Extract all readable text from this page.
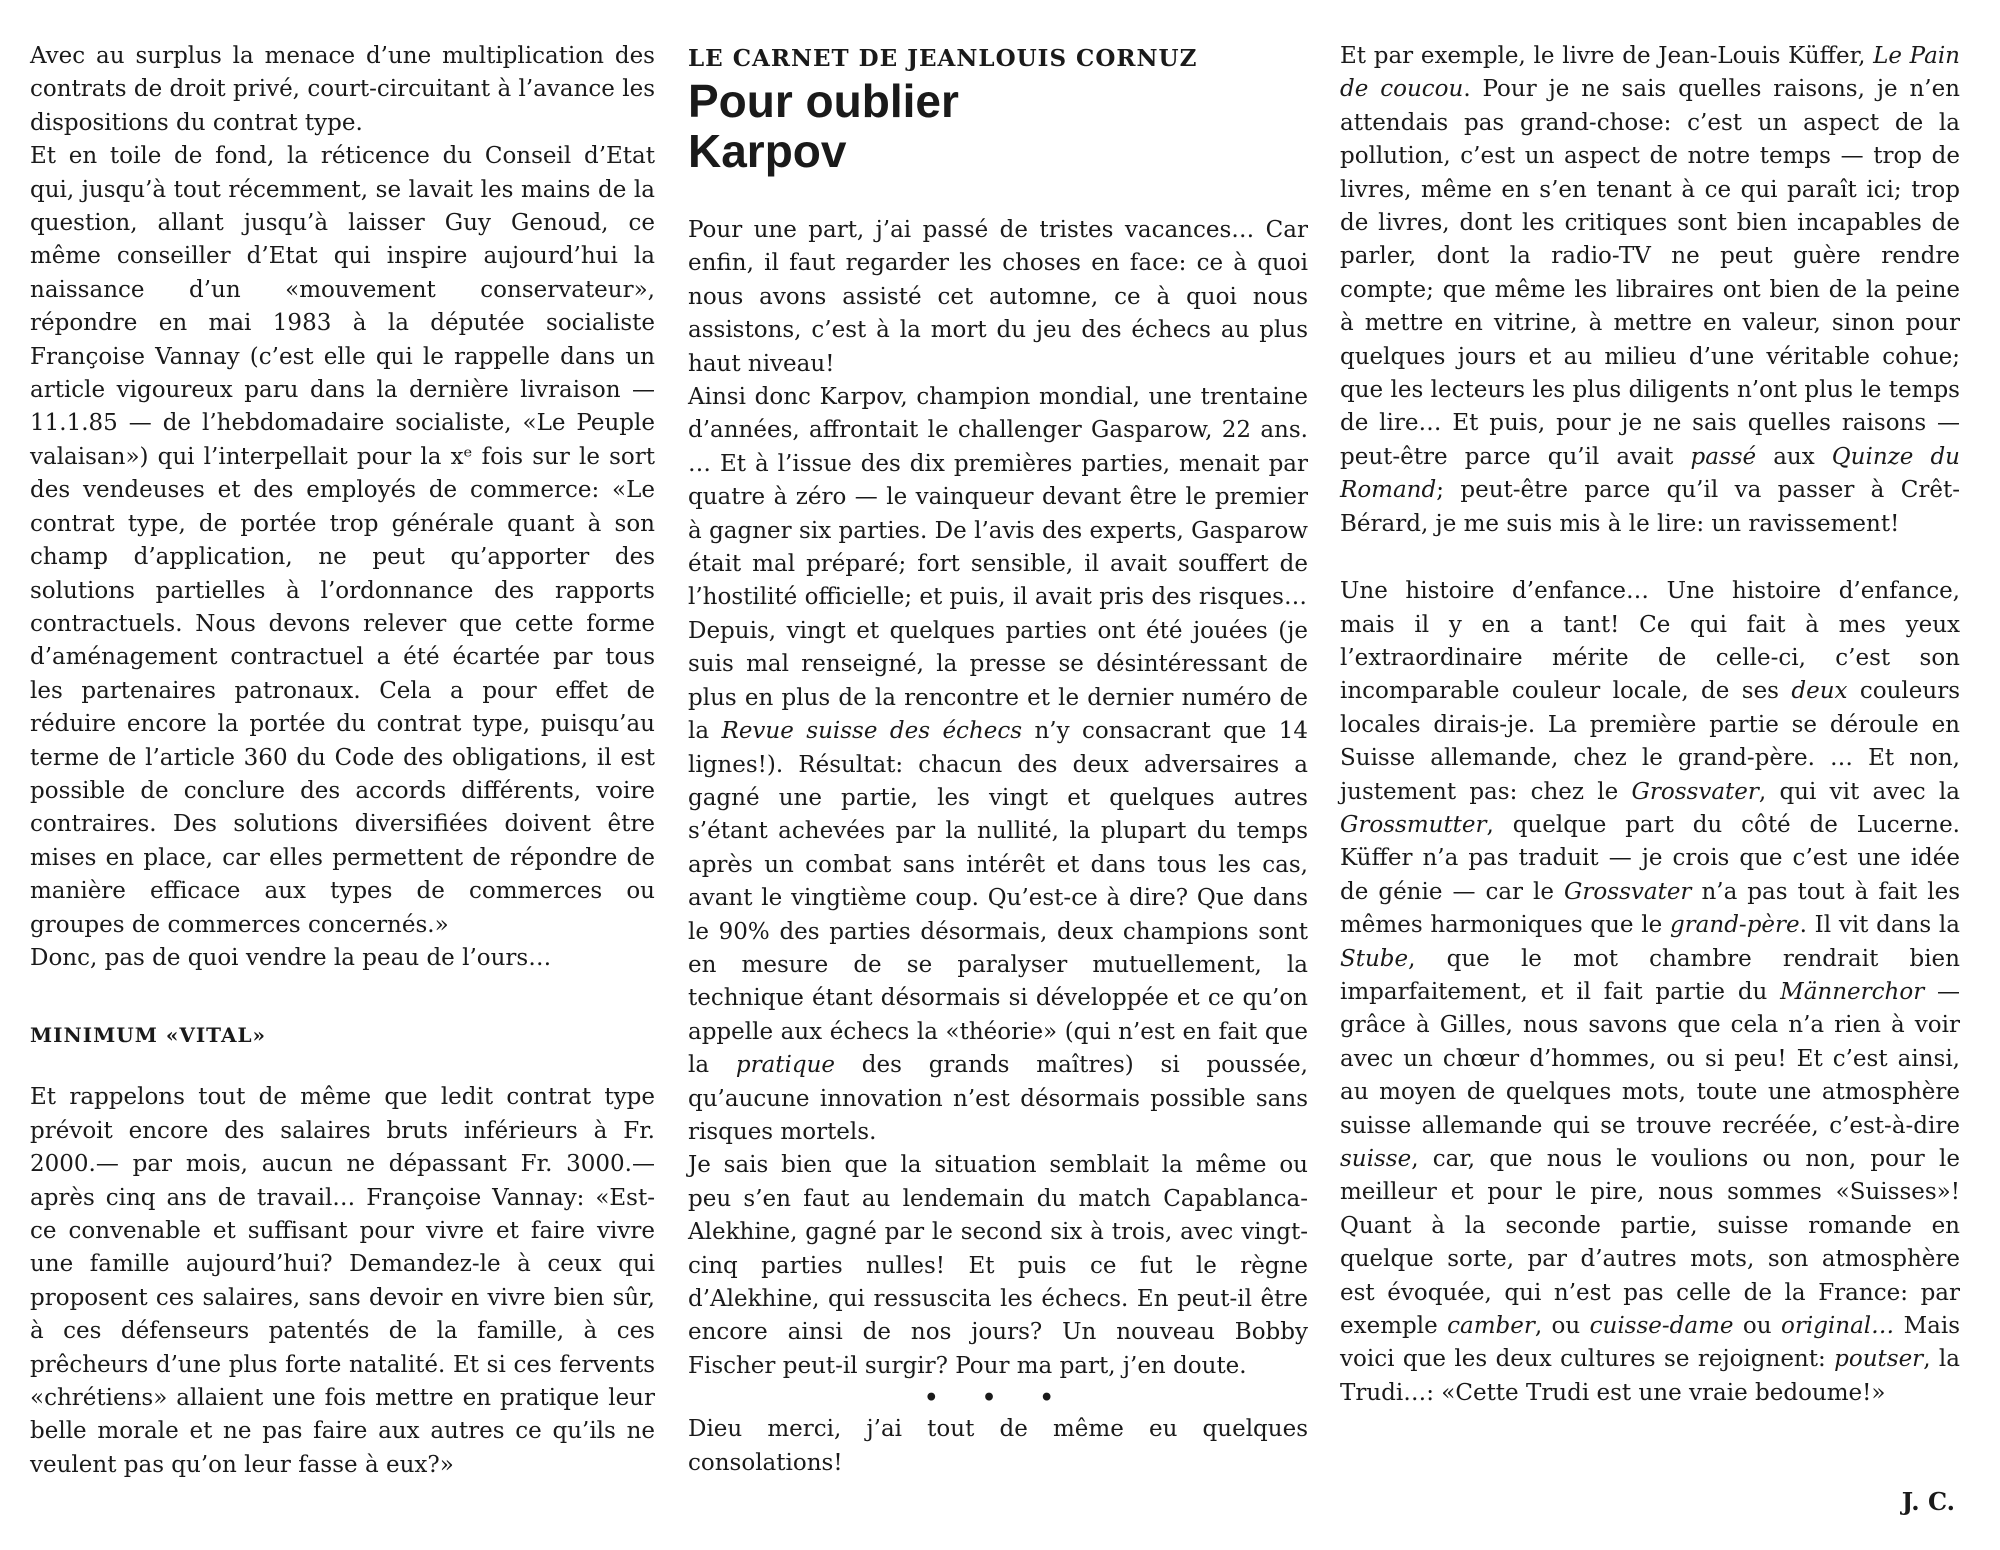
Avec au surplus la menace d’une multiplication des contrats de droit privé, court-circuitant à l’avance les dispositions du contrat type.

Et en toile de fond, la réticence du Conseil d’Etat qui, jusqu’à tout récemment, se lavait les mains de la question, allant jusqu’à laisser Guy Genoud, ce même conseiller d’Etat qui inspire aujourd’hui la naissance d’un «mouvement conservateur», répondre en mai 1983 à la députée socialiste Françoise Vannay (c’est elle qui le rappelle dans un article vigoureux paru dans la dernière livraison — 11.1.85 — de l’hebdomadaire socialiste, «Le Peuple valaisan») qui l’interpellait pour la xᵉ fois sur le sort des vendeuses et des employés de commerce: «Le contrat type, de portée trop générale quant à son champ d’application, ne peut qu’apporter des solutions partielles à l’ordonnance des rapports contractuels. Nous devons relever que cette forme d’aménagement contractuel a été écartée par tous les partenaires patronaux. Cela a pour effet de réduire encore la portée du contrat type, puisqu’au terme de l’article 360 du Code des obligations, il est possible de conclure des accords différents, voire contraires. Des solutions diversifiées doivent être mises en place, car elles permettent de répondre de manière efficace aux types de commerces ou groupes de commerces concernés.»

Donc, pas de quoi vendre la peau de l’ours…

MINIMUM «VITAL»

Et rappelons tout de même que ledit contrat type prévoit encore des salaires bruts inférieurs à Fr. 2000.— par mois, aucun ne dépassant Fr. 3000.— après cinq ans de travail… Françoise Vannay: «Est-ce convenable et suffisant pour vivre et faire vivre une famille aujourd’hui? Demandez-le à ceux qui proposent ces salaires, sans devoir en vivre bien sûr, à ces défenseurs patentés de la famille, à ces prêcheurs d’une plus forte natalité. Et si ces fervents «chrétiens» allaient une fois mettre en pratique leur belle morale et ne pas faire aux autres ce qu’ils ne veulent pas qu’on leur fasse à eux?»

LE CARNET DE JEANLOUIS CORNUZ
Pour oublier
Karpov

Pour une part, j’ai passé de tristes vacances… Car enfin, il faut regarder les choses en face: ce à quoi nous avons assisté cet automne, ce à quoi nous assistons, c’est à la mort du jeu des échecs au plus haut niveau!

Ainsi donc Karpov, champion mondial, une trentaine d’années, affrontait le challenger Gasparow, 22 ans. … Et à l’issue des dix premières parties, menait par quatre à zéro — le vainqueur devant être le premier à gagner six parties. De l’avis des experts, Gasparow était mal préparé; fort sensible, il avait souffert de l’hostilité officielle; et puis, il avait pris des risques…

Depuis, vingt et quelques parties ont été jouées (je suis mal renseigné, la presse se désintéressant de plus en plus de la rencontre et le dernier numéro de la Revue suisse des échecs n’y consacrant que 14 lignes!). Résultat: chacun des deux adversaires a gagné une partie, les vingt et quelques autres s’étant achevées par la nullité, la plupart du temps après un combat sans intérêt et dans tous les cas, avant le vingtième coup. Qu’est-ce à dire? Que dans le 90% des parties désormais, deux champions sont en mesure de se paralyser mutuellement, la technique étant désormais si développée et ce qu’on appelle aux échecs la «théorie» (qui n’est en fait que la pratique des grands maîtres) si poussée, qu’aucune innovation n’est désormais possible sans risques mortels.

Je sais bien que la situation semblait la même ou peu s’en faut au lendemain du match Capablanca-Alekhine, gagné par le second six à trois, avec vingt-cinq parties nulles! Et puis ce fut le règne d’Alekhine, qui ressuscita les échecs. En peut-il être encore ainsi de nos jours? Un nouveau Bobby Fischer peut-il surgir? Pour ma part, j’en doute.

• • •

Dieu merci, j’ai tout de même eu quelques consolations!

Et par exemple, le livre de Jean-Louis Küffer, Le Pain de coucou. Pour je ne sais quelles raisons, je n’en attendais pas grand-chose: c’est un aspect de la pollution, c’est un aspect de notre temps — trop de livres, même en s’en tenant à ce qui paraît ici; trop de livres, dont les critiques sont bien incapables de parler, dont la radio-TV ne peut guère rendre compte; que même les libraires ont bien de la peine à mettre en vitrine, à mettre en valeur, sinon pour quelques jours et au milieu d’une véritable cohue; que les lecteurs les plus diligents n’ont plus le temps de lire… Et puis, pour je ne sais quelles raisons — peut-être parce qu’il avait passé aux Quinze du Romand; peut-être parce qu’il va passer à Crêt-Bérard, je me suis mis à le lire: un ravissement!

Une histoire d’enfance… Une histoire d’enfance, mais il y en a tant! Ce qui fait à mes yeux l’extraordinaire mérite de celle-ci, c’est son incomparable couleur locale, de ses deux couleurs locales dirais-je. La première partie se déroule en Suisse allemande, chez le grand-père. … Et non, justement pas: chez le Grossvater, qui vit avec la Grossmutter, quelque part du côté de Lucerne. Küffer n’a pas traduit — je crois que c’est une idée de génie — car le Grossvater n’a pas tout à fait les mêmes harmoniques que le grand-père. Il vit dans la Stube, que le mot chambre rendrait bien imparfaitement, et il fait partie du Männerchor — grâce à Gilles, nous savons que cela n’a rien à voir avec un chœur d’hommes, ou si peu! Et c’est ainsi, au moyen de quelques mots, toute une atmosphère suisse allemande qui se trouve recréée, c’est-à-dire suisse, car, que nous le voulions ou non, pour le meilleur et pour le pire, nous sommes «Suisses»! Quant à la seconde partie, suisse romande en quelque sorte, par d’autres mots, son atmosphère est évoquée, qui n’est pas celle de la France: par exemple camber, ou cuisse-dame ou original… Mais voici que les deux cultures se rejoignent: poutser, la Trudi…: «Cette Trudi est une vraie bedoume!»

J. C.
